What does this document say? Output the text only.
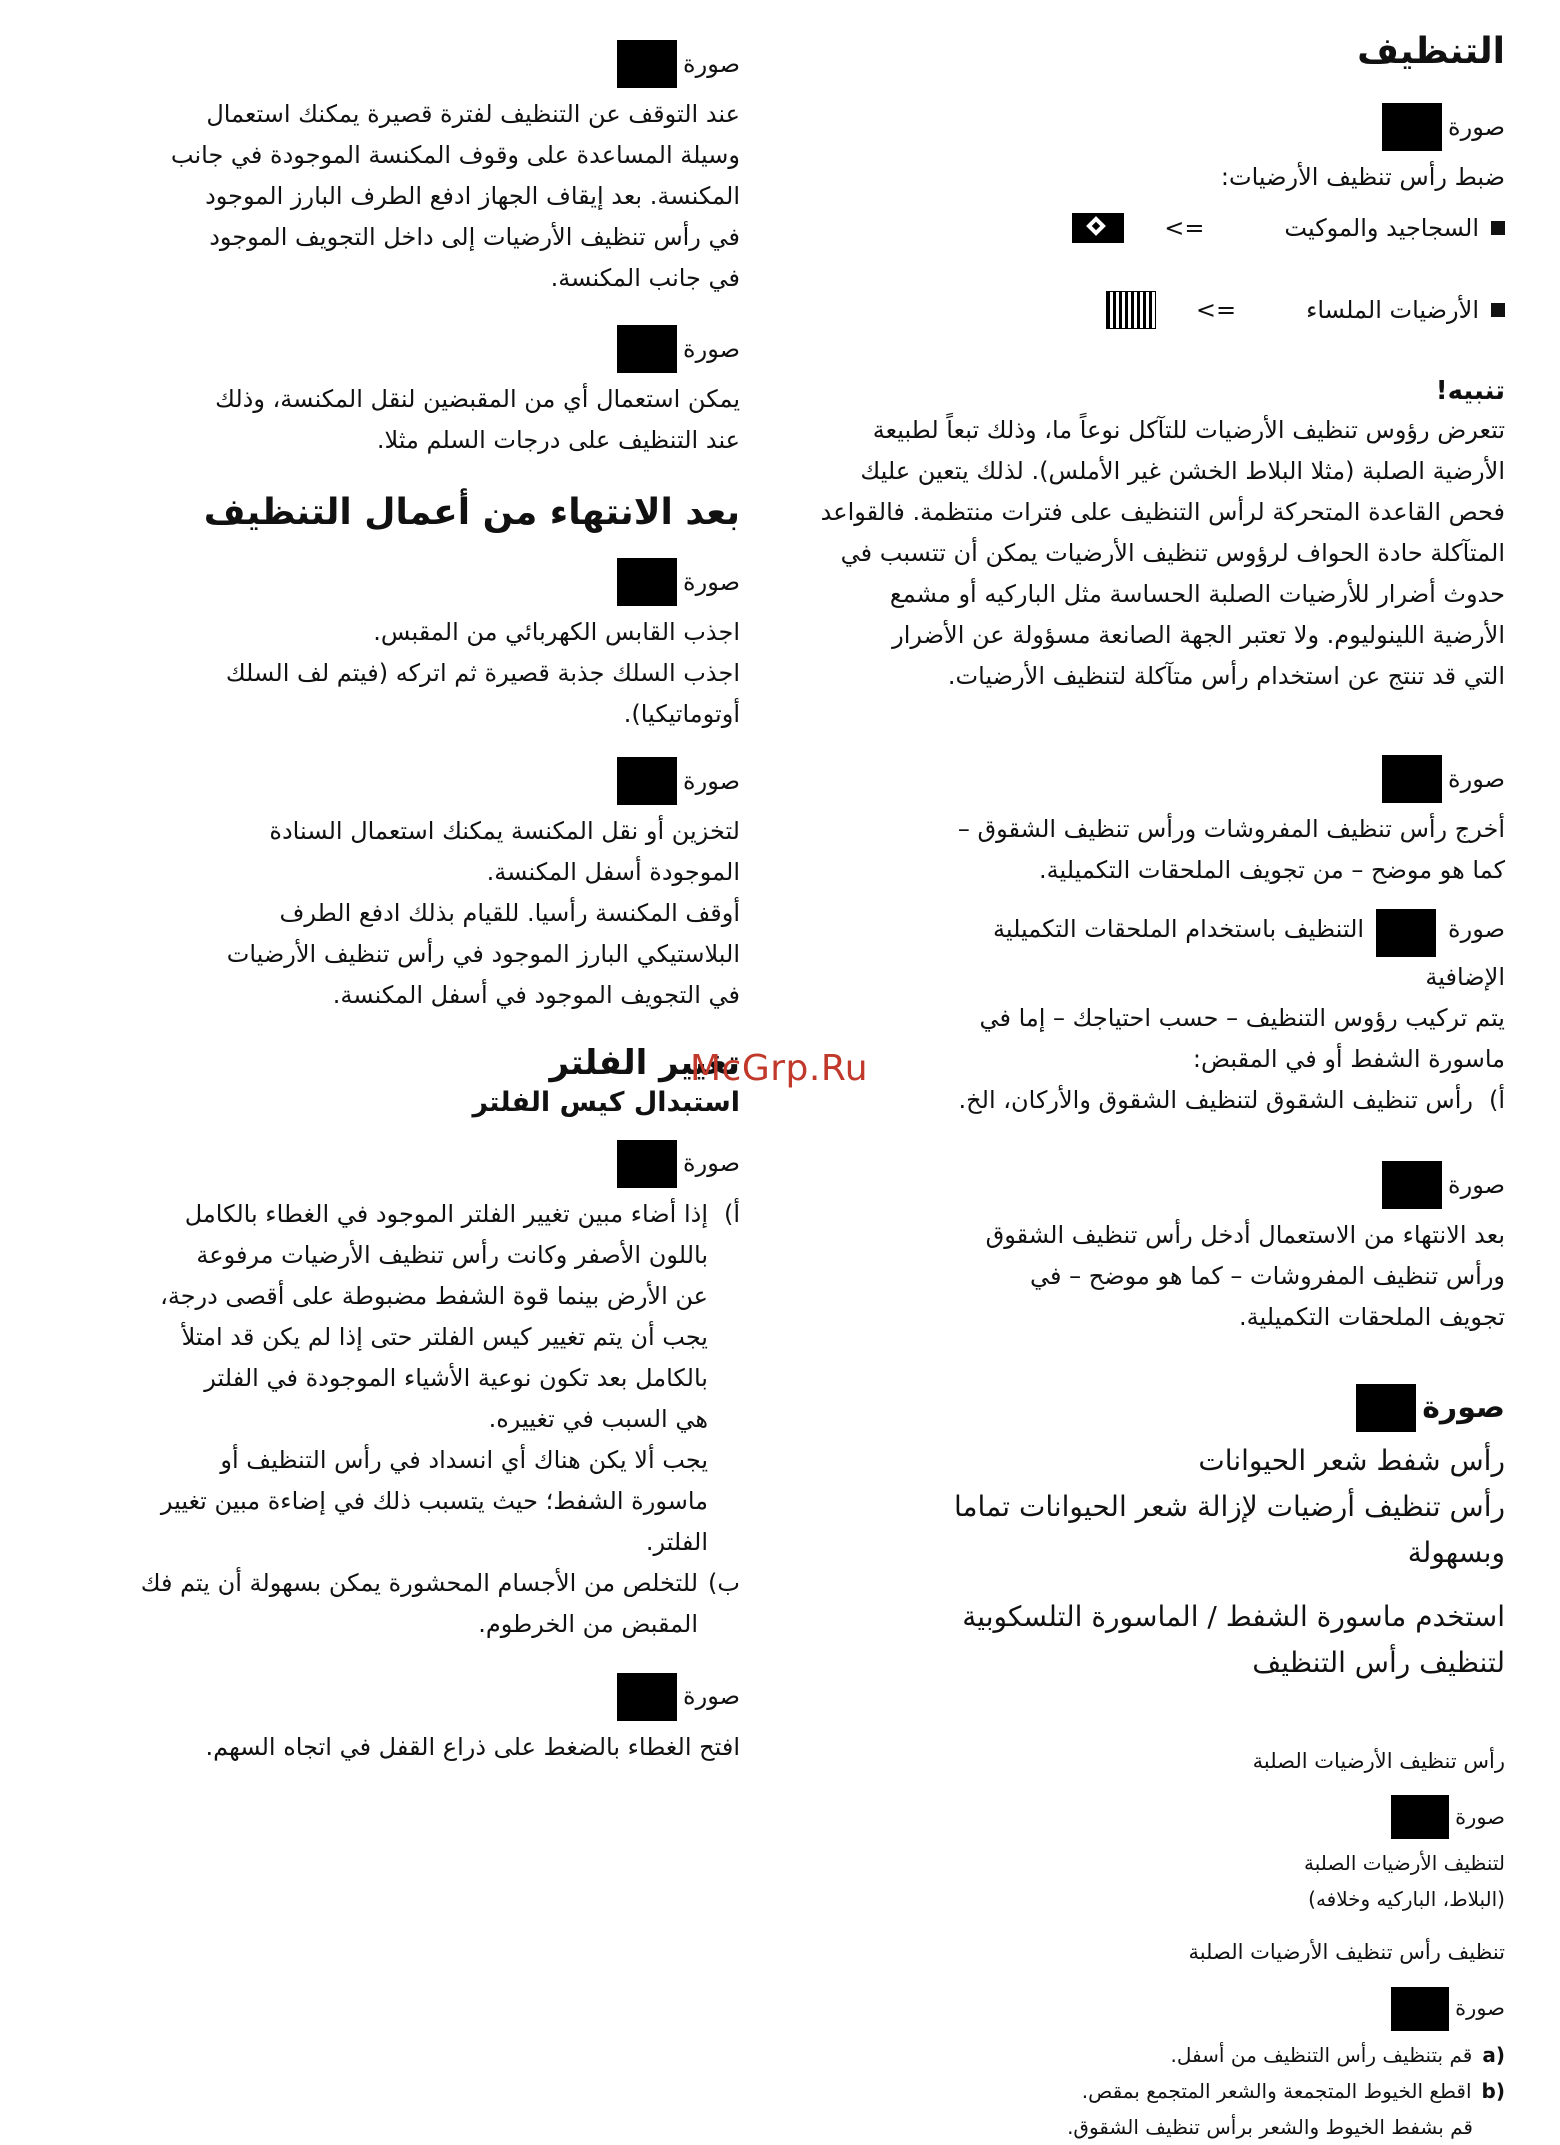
التنظيف
صورة
ضبط رأس تنظيف الأرضيات:
السجاجيد والموكيت
<=
الأرضيات الملساء
<=
تنبيه!
تتعرض رؤوس تنظيف الأرضيات للتآكل نوعاً ما، وذلك تبعاً لطبيعة
الأرضية الصلبة (مثلا البلاط الخشن غير الأملس). لذلك يتعين عليك
فحص القاعدة المتحركة لرأس التنظيف على فترات منتظمة. فالقواعد
المتآكلة حادة الحواف لرؤوس تنظيف الأرضيات يمكن أن تتسبب في
حدوث أضرار للأرضيات الصلبة الحساسة مثل الباركيه أو مشمع
الأرضية اللينوليوم. ولا تعتبر الجهة الصانعة مسؤولة عن الأضرار
التي قد تنتج عن استخدام رأس متآكلة لتنظيف الأرضيات.
صورة
أخرج رأس تنظيف المفروشات ورأس تنظيف الشقوق –
كما هو موضح – من تجويف الملحقات التكميلية.
صورة
التنظيف باستخدام الملحقات التكميلية
الإضافية
يتم تركيب رؤوس التنظيف – حسب احتياجك – إما في
ماسورة الشفط أو في المقبض:
أ)
رأس تنظيف الشقوق لتنظيف الشقوق والأركان، الخ.
صورة
بعد الانتهاء من الاستعمال أدخل رأس تنظيف الشقوق
ورأس تنظيف المفروشات – كما هو موضح – في
تجويف الملحقات التكميلية.
صورة
رأس شفط شعر الحيوانات
رأس تنظيف أرضيات لإزالة شعر الحيوانات تماما
وبسهولة
استخدم ماسورة الشفط / الماسورة التلسكوبية
لتنظيف رأس التنظيف
رأس تنظيف الأرضيات الصلبة
صورة
لتنظيف الأرضيات الصلبة
(البلاط، الباركيه وخلافه)
تنظيف رأس تنظيف الأرضيات الصلبة
صورة
a)
قم بتنظيف رأس التنظيف من أسفل.
b)
اقطع الخيوط المتجمعة والشعر المتجمع بمقص.
قم بشفط الخيوط والشعر برأس تنظيف الشقوق.
صورة
عند التوقف عن التنظيف لفترة قصيرة يمكنك استعمال
وسيلة المساعدة على وقوف المكنسة الموجودة في جانب
المكنسة. بعد إيقاف الجهاز ادفع الطرف البارز الموجود
في رأس تنظيف الأرضيات إلى داخل التجويف الموجود
في جانب المكنسة.
صورة
يمكن استعمال أي من المقبضين لنقل المكنسة، وذلك
عند التنظيف على درجات السلم مثلا.
بعد الانتهاء من أعمال التنظيف
صورة
اجذب القابس الكهربائي من المقبس.
اجذب السلك جذبة قصيرة ثم اتركه (فيتم لف السلك
أوتوماتيكيا).
صورة
لتخزين أو نقل المكنسة يمكنك استعمال السنادة
الموجودة أسفل المكنسة.
أوقف المكنسة رأسيا. للقيام بذلك ادفع الطرف
البلاستيكي البارز الموجود في رأس تنظيف الأرضيات
في التجويف الموجود في أسفل المكنسة.
تغيير الفلتر
استبدال كيس الفلتر
صورة
أ)
إذا أضاء مبين تغيير الفلتر الموجود في الغطاء بالكامل
باللون الأصفر وكانت رأس تنظيف الأرضيات مرفوعة
عن الأرض بينما قوة الشفط مضبوطة على أقصى درجة،
يجب أن يتم تغيير كيس الفلتر حتى إذا لم يكن قد امتلأ
بالكامل بعد تكون نوعية الأشياء الموجودة في الفلتر
هي السبب في تغييره.
يجب ألا يكن هناك أي انسداد في رأس التنظيف أو
ماسورة الشفط؛ حيث يتسبب ذلك في إضاءة مبين تغيير
الفلتر.
ب)
للتخلص من الأجسام المحشورة يمكن بسهولة أن يتم فك
المقبض من الخرطوم.
صورة
افتح الغطاء بالضغط على ذراع القفل في اتجاه السهم.
McGrp.Ru
